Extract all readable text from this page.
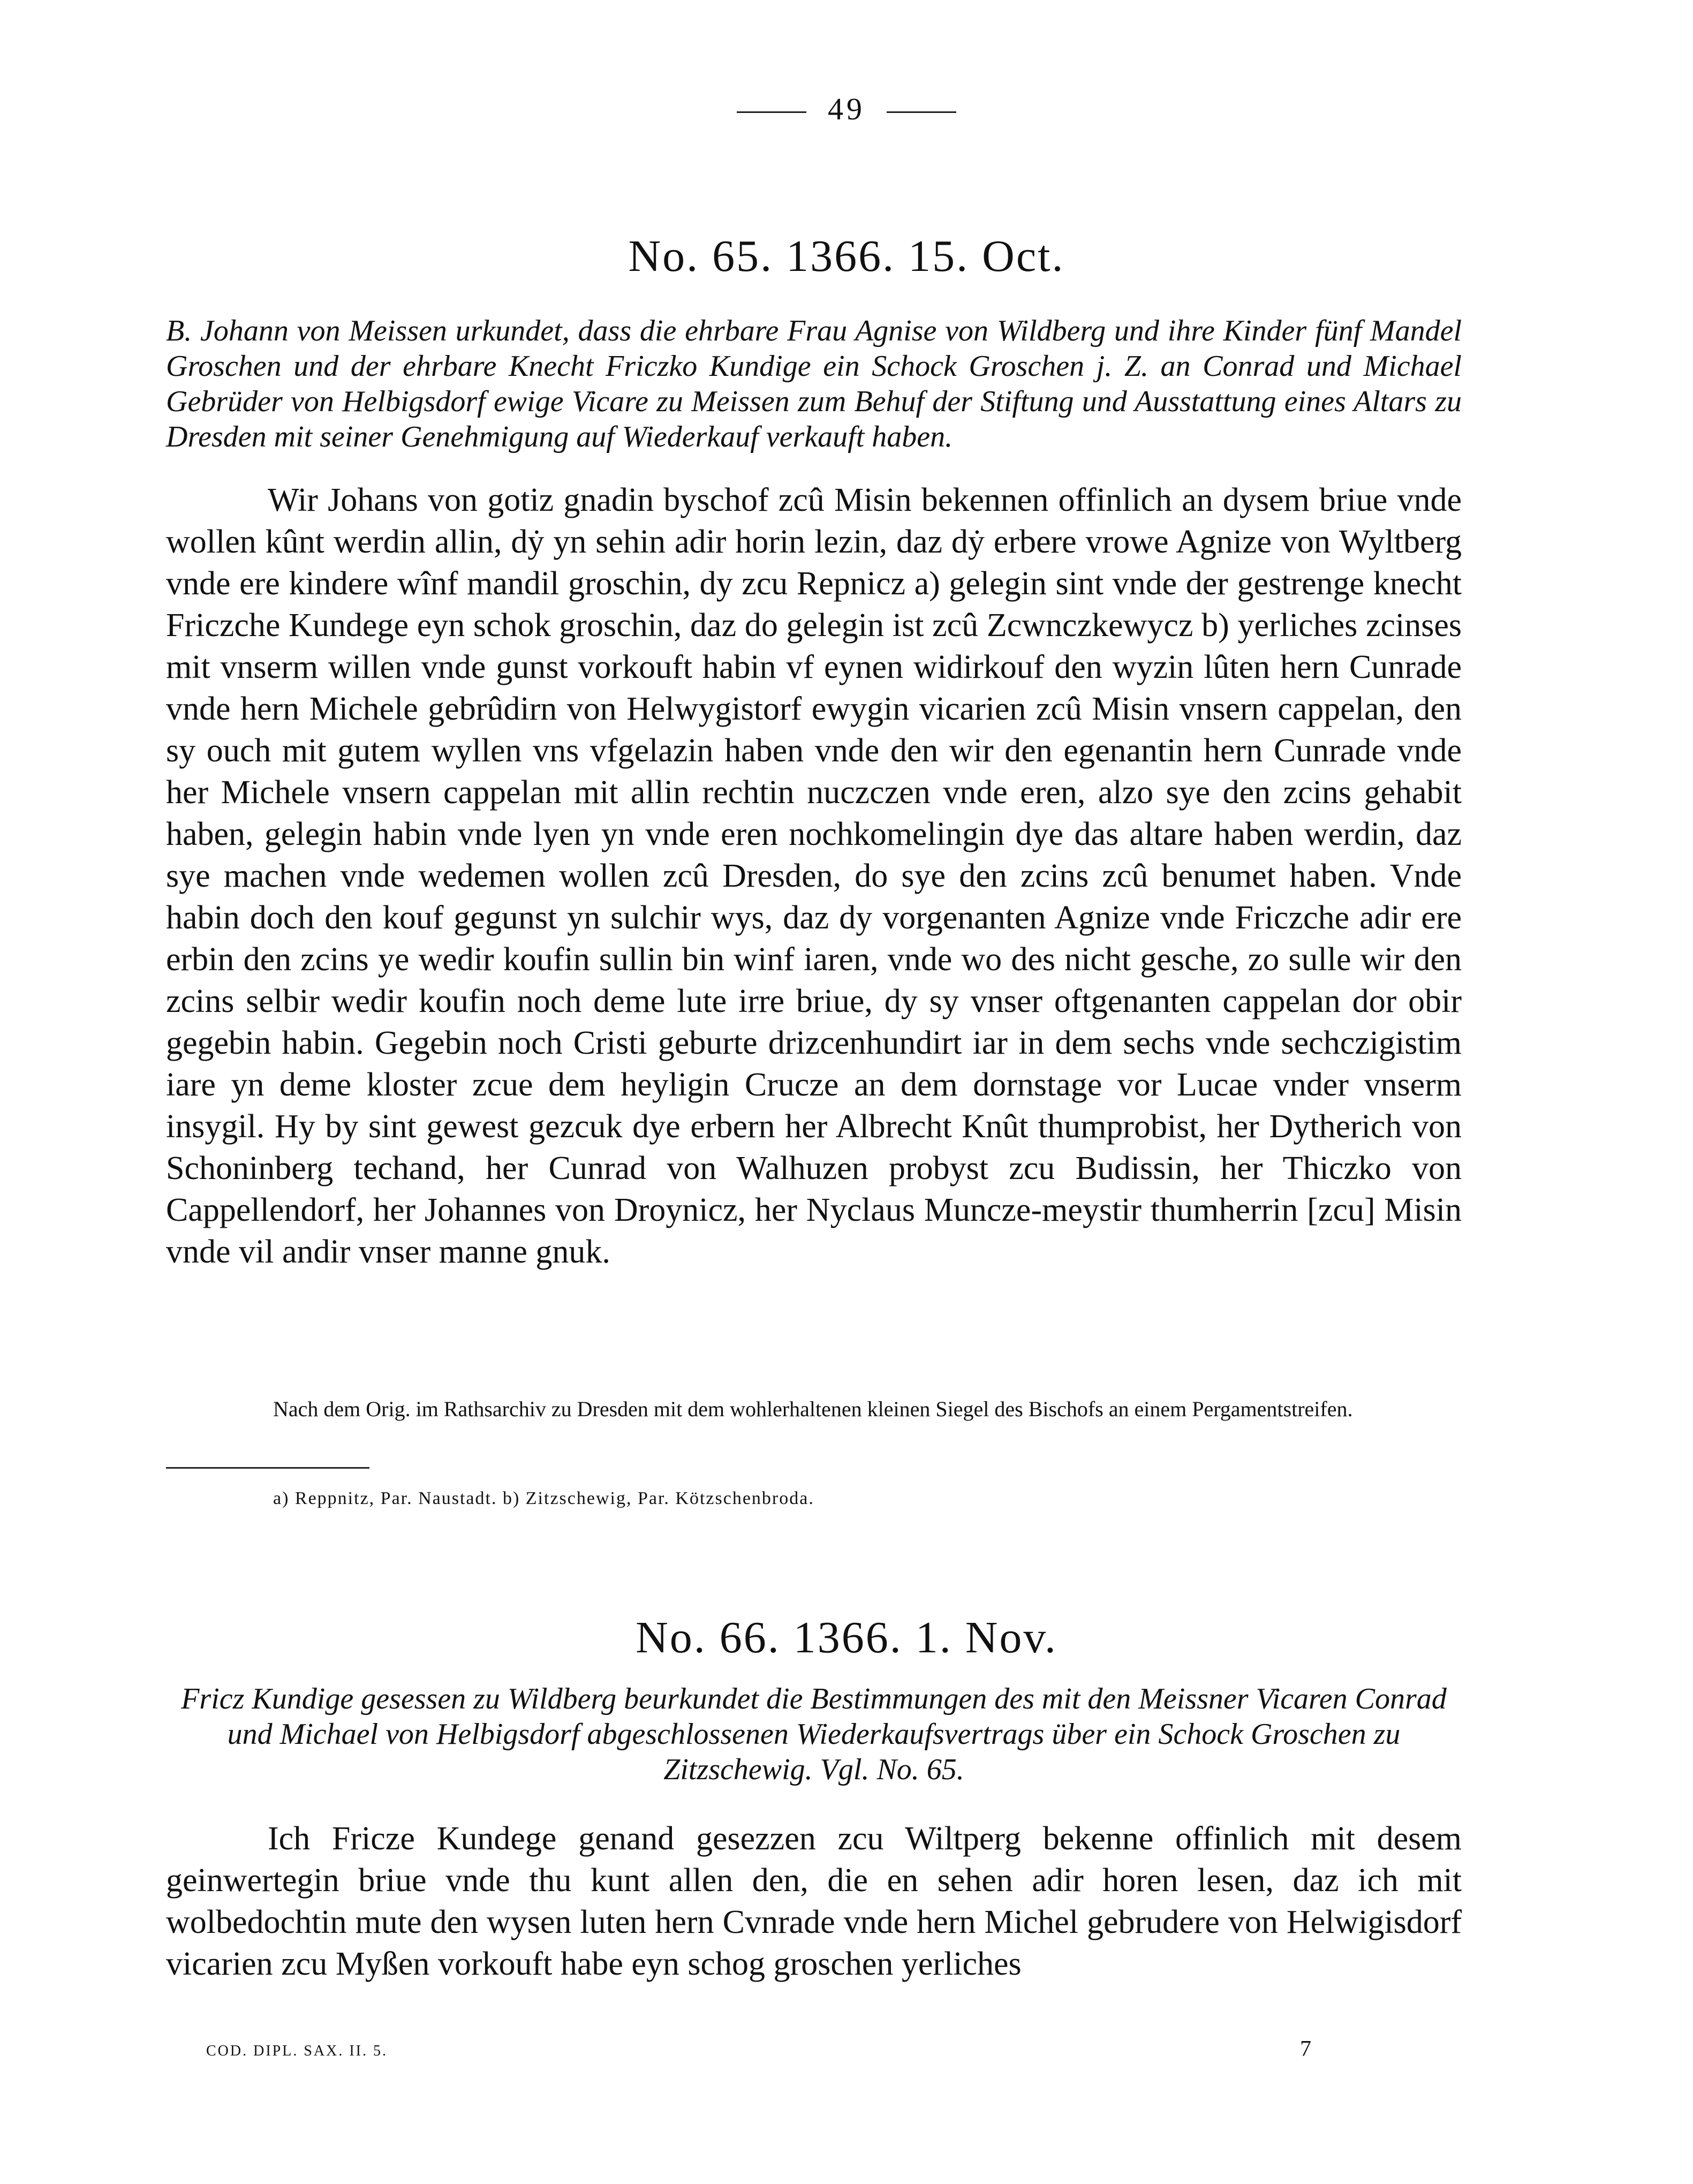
49
No. 65. 1366. 15. Oct.
B. Johann von Meissen urkundet, dass die ehrbare Frau Agnise von Wildberg und ihre Kinder fünf Mandel Groschen und der ehrbare Knecht Friczko Kundige ein Schock Groschen j. Z. an Conrad und Michael Gebrüder von Helbigsdorf ewige Vicare zu Meissen zum Behuf der Stiftung und Ausstattung eines Altars zu Dresden mit seiner Genehmigung auf Wiederkauf verkauft haben.
Wir Johans von gotiz gnadin byschof zcû Misin bekennen offinlich an dysem briue vnde wollen kûnt werdin allin, dẏ yn sehin adir horin lezin, daz dẏ erbere vrowe Agnize von Wyltberg vnde ere kindere wînf mandil groschin, dy zcu Repnicz a) gelegin sint vnde der gestrenge knecht Friczche Kundege eyn schok groschin, daz do gelegin ist zcû Zcwnczkewycz b) yerliches zcinses mit vnserm willen vnde gunst vorkouft habin vf eynen widirkouf den wyzin lûten hern Cunrade vnde hern Michele gebrûdirn von Helwygistorf ewygin vicarien zcû Misin vnsern cappelan, den sy ouch mit gutem wyllen vns vfgelazin haben vnde den wir den egenantin hern Cunrade vnde her Michele vnsern cappelan mit allin rechtin nuczczen vnde eren, alzo sye den zcins gehabit haben, gelegin habin vnde lyen yn vnde eren nochkomelingin dye das altare haben werdin, daz sye machen vnde wedemen wollen zcû Dresden, do sye den zcins zcû benumet haben. Vnde habin doch den kouf gegunst yn sulchir wys, daz dy vorgenanten Agnize vnde Friczche adir ere erbin den zcins ye wedir koufin sullin bin winf iaren, vnde wo des nicht gesche, zo sulle wir den zcins selbir wedir koufin noch deme lute irre briue, dy sy vnser oftgenanten cappelan dor obir gegebin habin. Gegebin noch Cristi geburte drizcenhundirt iar in dem sechs vnde sechczigistim iare yn deme kloster zcue dem heyligin Crucze an dem dornstage vor Lucae vnder vnserm insygil. Hy by sint gewest gezcuk dye erbern her Albrecht Knût thumprobist, her Dytherich von Schoninberg techand, her Cunrad von Walhuzen probyst zcu Budissin, her Thiczko von Cappellendorf, her Johannes von Droynicz, her Nyclaus Muncze-meystir thumherrin [zcu] Misin vnde vil andir vnser manne gnuk.
Nach dem Orig. im Rathsarchiv zu Dresden mit dem wohlerhaltenen kleinen Siegel des Bischofs an einem Pergamentstreifen.
a) Reppnitz, Par. Naustadt. b) Zitzschewig, Par. Kötzschenbroda.
No. 66. 1366. 1. Nov.
Fricz Kundige gesessen zu Wildberg beurkundet die Bestimmungen des mit den Meissner Vicaren Conrad und Michael von Helbigsdorf abgeschlossenen Wiederkaufsvertrags über ein Schock Groschen zu Zitzschewig. Vgl. No. 65.
Ich Fricze Kundege genand gesezzen zcu Wiltperg bekenne offinlich mit desem geinwertegin briue vnde thu kunt allen den, die en sehen adir horen lesen, daz ich mit wolbedochtin mute den wysen luten hern Cvnrade vnde hern Michel gebrudere von Helwigisdorf vicarien zcu Myßen vorkouft habe eyn schog groschen yerliches
COD. DIPL. SAX. II. 5.	7
